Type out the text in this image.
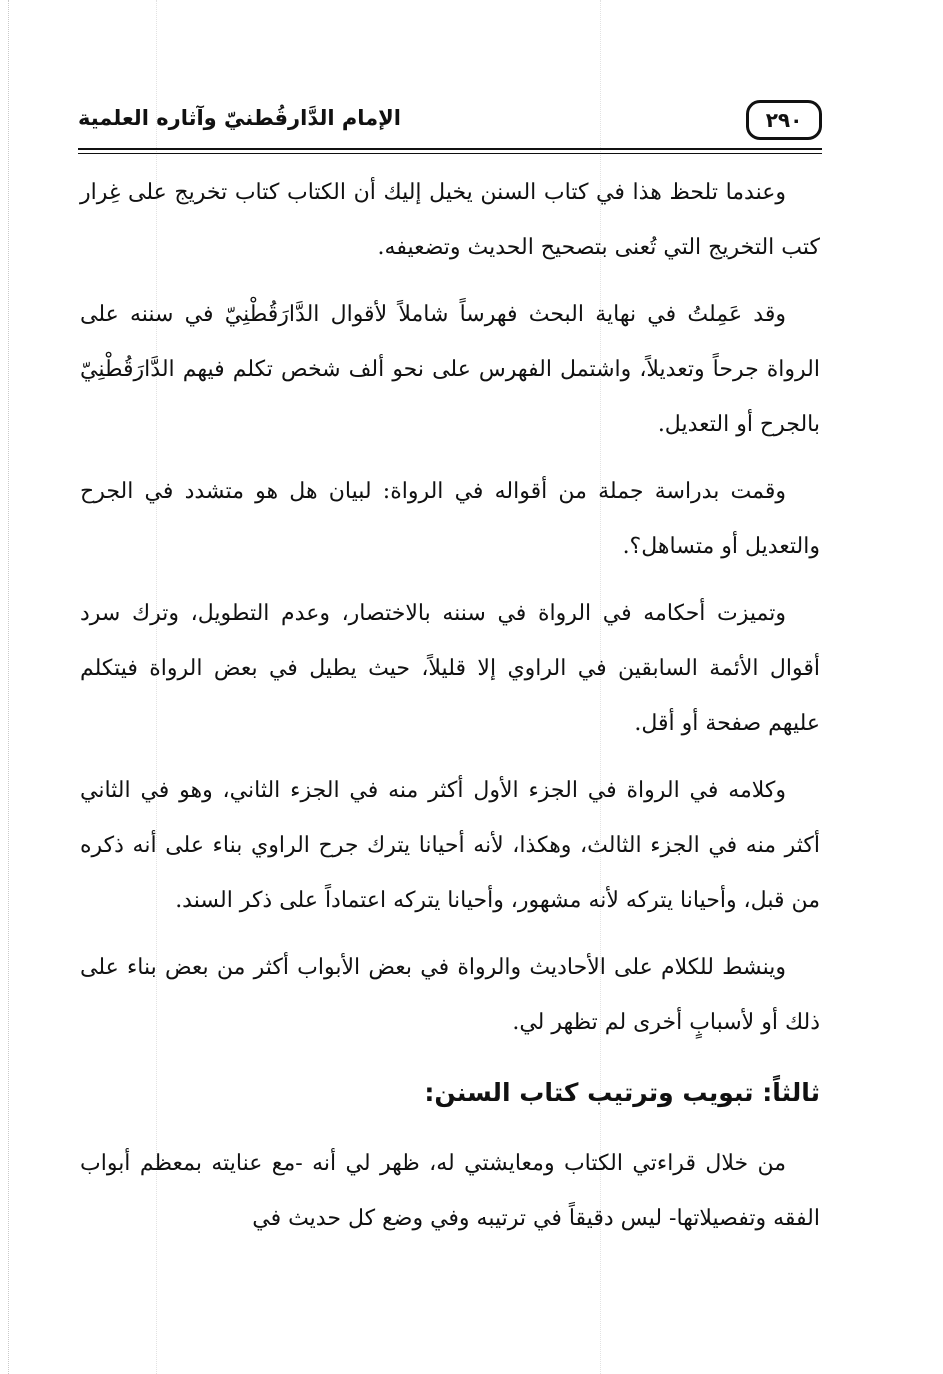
٢٩٠
الإمام الدَّارقُطنيّ وآثاره العلمية

وعندما تلحظ هذا في كتاب السنن يخيل إليك أن الكتاب كتاب تخريج على غِرار كتب التخريج التي تُعنى بتصحيح الحديث وتضعيفه.

وقد عَمِلتُ في نهاية البحث فهرساً شاملاً لأقوال الدَّارَقُطْنِيّ في سننه على الرواة جرحاً وتعديلاً، واشتمل الفهرس على نحو ألف شخص تكلم فيهم الدَّارَقُطْنِيّ بالجرح أو التعديل.

وقمت بدراسة جملة من أقواله في الرواة: لبيان هل هو متشدد في الجرح والتعديل أو متساهل؟.

وتميزت أحكامه في الرواة في سننه بالاختصار، وعدم التطويل، وترك سرد أقوال الأئمة السابقين في الراوي إلا قليلاً، حيث يطيل في بعض الرواة فيتكلم عليهم صفحة أو أقل.

وكلامه في الرواة في الجزء الأول أكثر منه في الجزء الثاني، وهو في الثاني أكثر منه في الجزء الثالث، وهكذا، لأنه أحيانا يترك جرح الراوي بناء على أنه ذكره من قبل، وأحيانا يتركه لأنه مشهور، وأحيانا يتركه اعتماداً على ذكر السند.

وينشط للكلام على الأحاديث والرواة في بعض الأبواب أكثر من بعض بناء على ذلك أو لأسبابٍ أخرى لم تظهر لي.

ثالثاً: تبويب وترتيب كتاب السنن:

من خلال قراءتي الكتاب ومعايشتي له، ظهر لي أنه -مع عنايته بمعظم أبواب الفقه وتفصيلاتها- ليس دقيقاً في ترتيبه وفي وضع كل حديث في
